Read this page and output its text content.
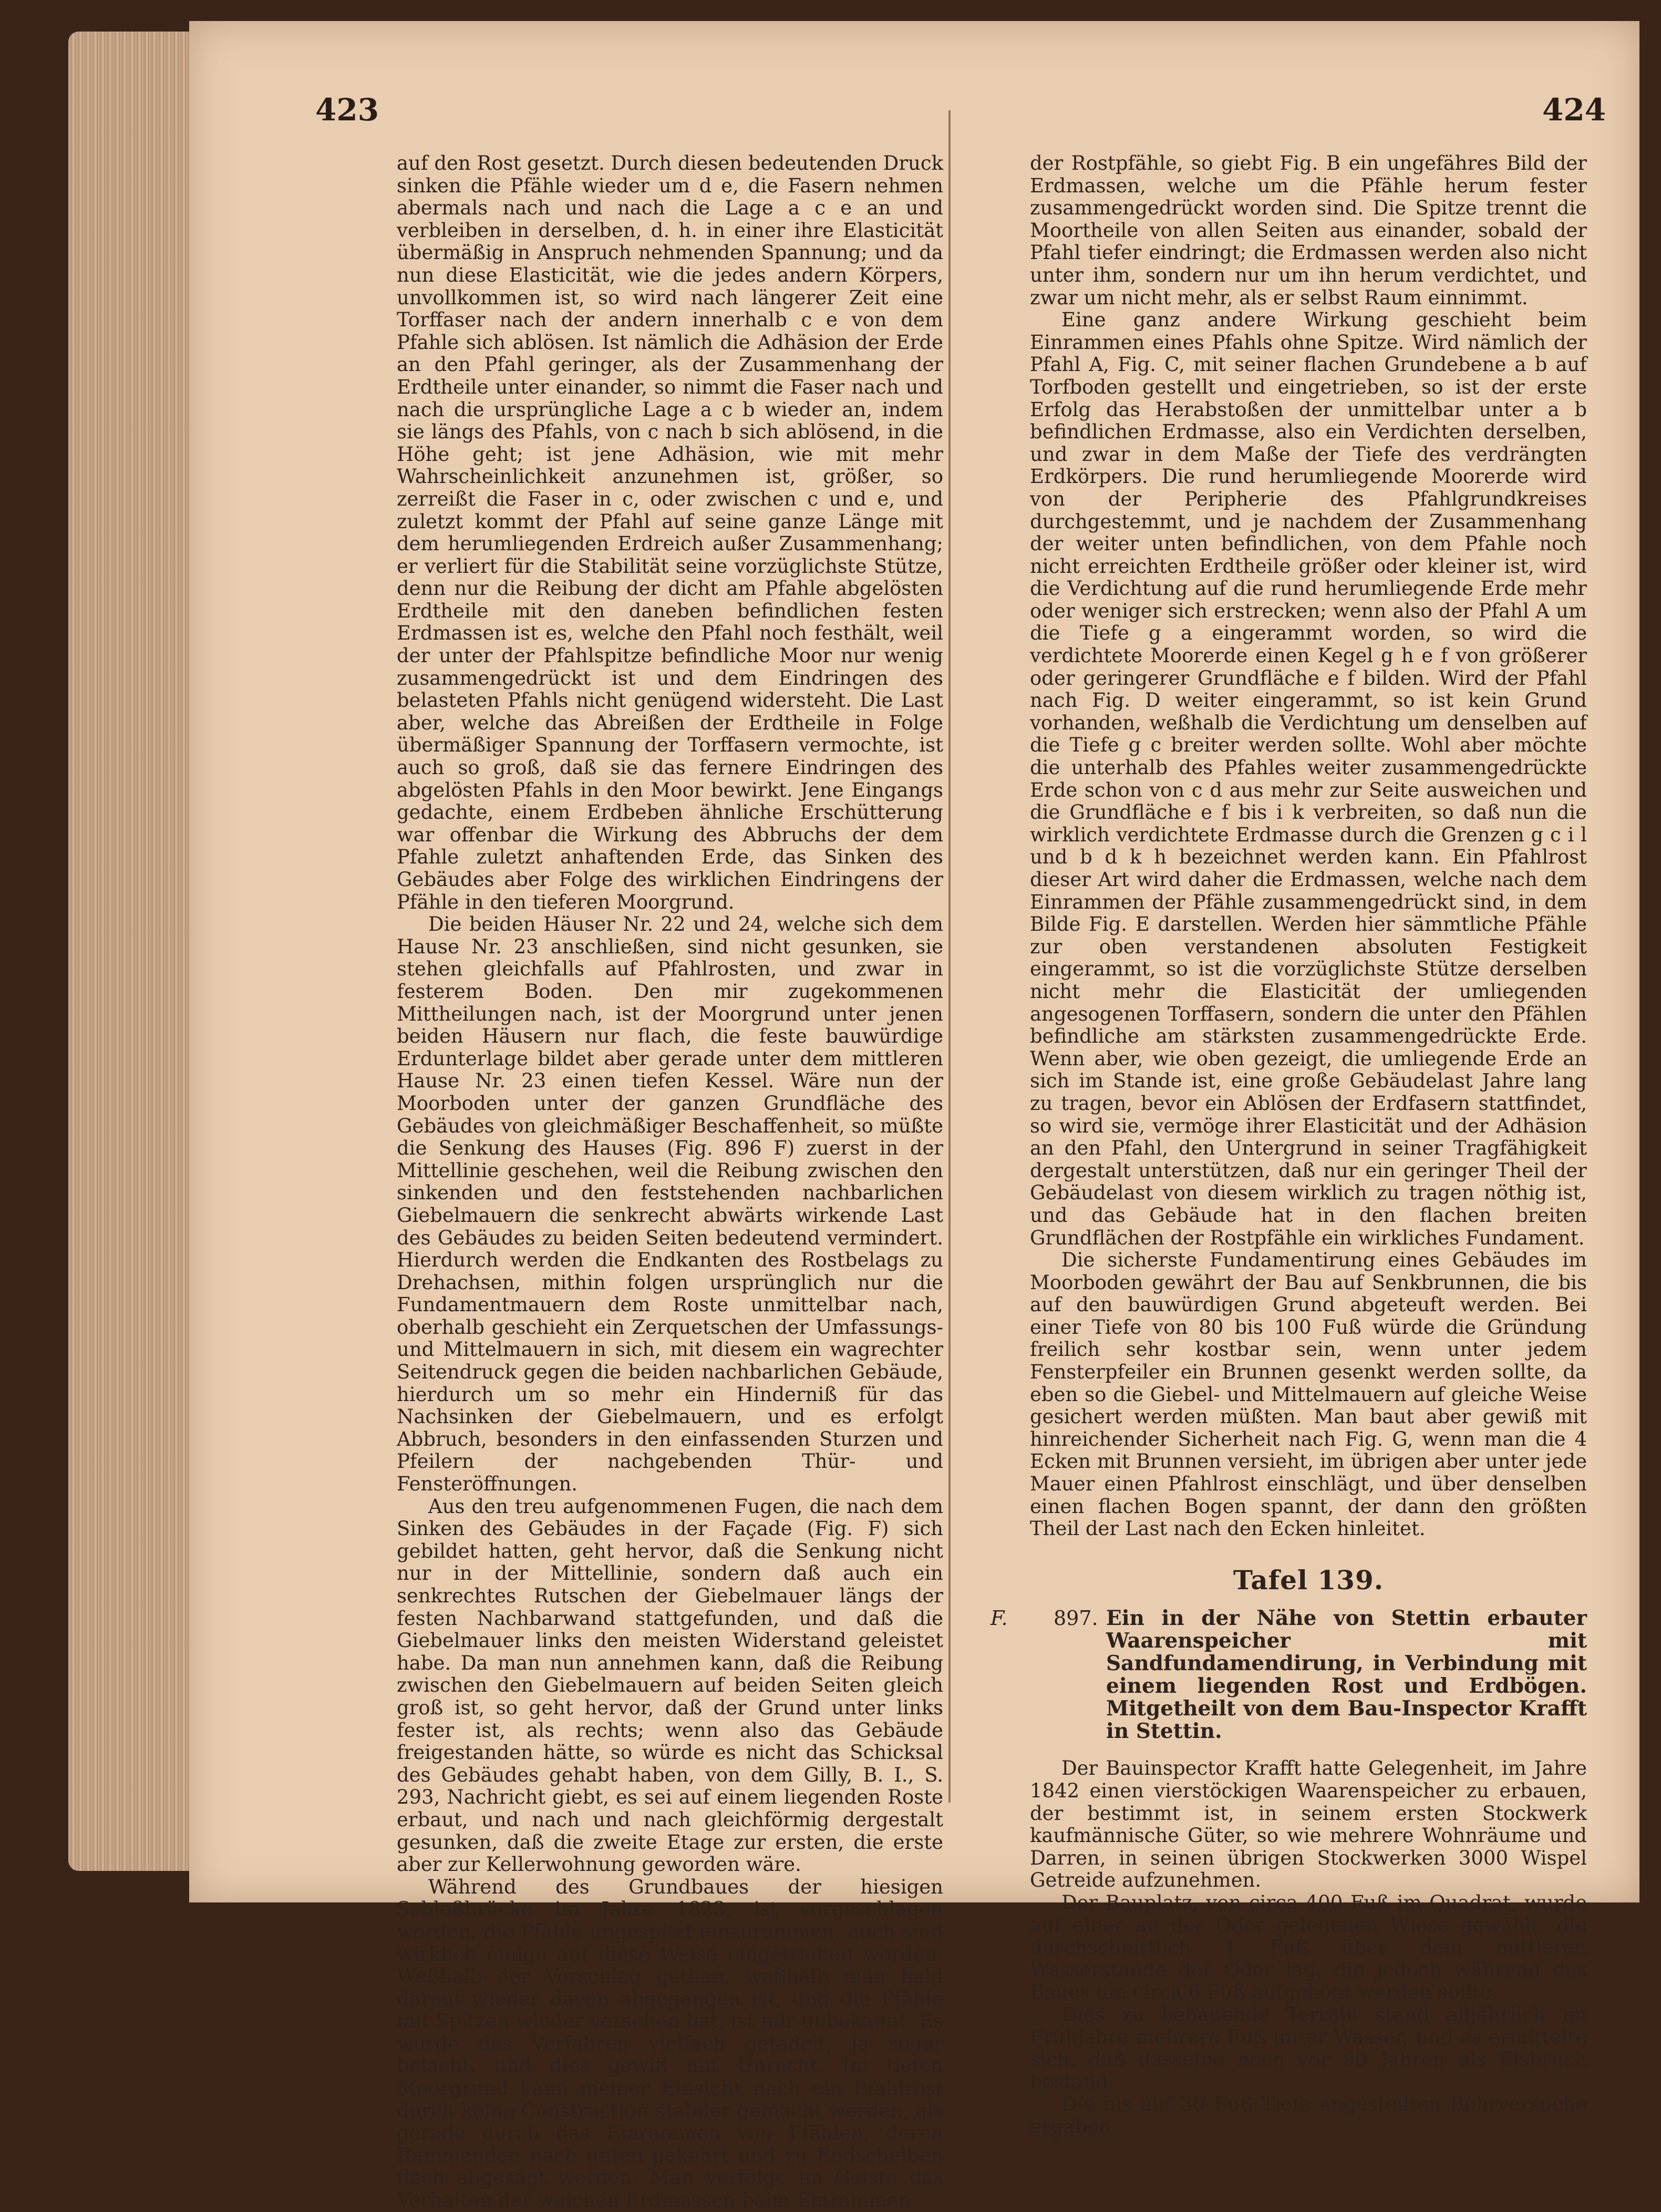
423	424

auf den Rost gesetzt. Durch diesen bedeutenden Druck sinken die Pfähle wieder um d e, die Fasern nehmen abermals nach und nach die Lage a c e an und verbleiben in derselben, d. h. in einer ihre Elasticität übermäßig in Anspruch nehmenden Spannung; und da nun diese Elasticität, wie die jedes andern Körpers, unvollkommen ist, so wird nach längerer Zeit eine Torffaser nach der andern innerhalb c e von dem Pfahle sich ablösen. Ist nämlich die Adhäsion der Erde an den Pfahl geringer, als der Zusammenhang der Erdtheile unter einander, so nimmt die Faser nach und nach die ursprüngliche Lage a c b wieder an, indem sie längs des Pfahls, von c nach b sich ablösend, in die Höhe geht; ist jene Adhäsion, wie mit mehr Wahrscheinlichkeit anzunehmen ist, größer, so zerreißt die Faser in c, oder zwischen c und e, und zuletzt kommt der Pfahl auf seine ganze Länge mit dem herumliegenden Erdreich außer Zusammenhang; er verliert für die Stabilität seine vorzüglichste Stütze, denn nur die Reibung der dicht am Pfahle abgelösten Erdtheile mit den daneben befindlichen festen Erdmassen ist es, welche den Pfahl noch festhält, weil der unter der Pfahlspitze befindliche Moor nur wenig zusammengedrückt ist und dem Eindringen des belasteten Pfahls nicht genügend widersteht. Die Last aber, welche das Abreißen der Erdtheile in Folge übermäßiger Spannung der Torffasern vermochte, ist auch so groß, daß sie das fernere Eindringen des abgelösten Pfahls in den Moor bewirkt. Jene Eingangs gedachte, einem Erdbeben ähnliche Erschütterung war offenbar die Wirkung des Abbruchs der dem Pfahle zuletzt anhaftenden Erde, das Sinken des Gebäudes aber Folge des wirklichen Eindringens der Pfähle in den tieferen Moorgrund.

Die beiden Häuser Nr. 22 und 24, welche sich dem Hause Nr. 23 anschließen, sind nicht gesunken, sie stehen gleichfalls auf Pfahlrosten, und zwar in festerem Boden. Den mir zugekommenen Mittheilungen nach, ist der Moorgrund unter jenen beiden Häusern nur flach, die feste bauwürdige Erdunterlage bildet aber gerade unter dem mittleren Hause Nr. 23 einen tiefen Kessel. Wäre nun der Moorboden unter der ganzen Grundfläche des Gebäudes von gleichmäßiger Beschaffenheit, so müßte die Senkung des Hauses (Fig. 896 F) zuerst in der Mittellinie geschehen, weil die Reibung zwischen den sinkenden und den feststehenden nachbarlichen Giebelmauern die senkrecht abwärts wirkende Last des Gebäudes zu beiden Seiten bedeutend vermindert. Hierdurch werden die Endkanten des Rostbelags zu Drehachsen, mithin folgen ursprünglich nur die Fundamentmauern dem Roste unmittelbar nach, oberhalb geschieht ein Zerquetschen der Umfassungs- und Mittelmauern in sich, mit diesem ein wagrechter Seitendruck gegen die beiden nachbarlichen Gebäude, hierdurch um so mehr ein Hinderniß für das Nachsinken der Giebelmauern, und es erfolgt Abbruch, besonders in den einfassenden Sturzen und Pfeilern der nachgebenden Thür- und Fensteröffnungen.

Aus den treu aufgenommenen Fugen, die nach dem Sinken des Gebäudes in der Façade (Fig. F) sich gebildet hatten, geht hervor, daß die Senkung nicht nur in der Mittellinie, sondern daß auch ein senkrechtes Rutschen der Giebelmauer längs der festen Nachbarwand stattgefunden, und daß die Giebelmauer links den meisten Widerstand geleistet habe. Da man nun annehmen kann, daß die Reibung zwischen den Giebelmauern auf beiden Seiten gleich groß ist, so geht hervor, daß der Grund unter links fester ist, als rechts; wenn also das Gebäude freigestanden hätte, so würde es nicht das Schicksal des Gebäudes gehabt haben, von dem Gilly, B. I., S. 293, Nachricht giebt, es sei auf einem liegenden Roste erbaut, und nach und nach gleichförmig dergestalt gesunken, daß die zweite Etage zur ersten, die erste aber zur Kellerwohnung geworden wäre.

Während des Grundbaues der hiesigen Schloßbrücke im Jahre 1823, ist vorgeschlagen worden, die Pfähle ungespitzt einzurammen; auch sind wirklich einige auf diese Weise eingetrieben worden. Weßhalb der Vorschlag gethan, weßhalb man bald darauf wieder davon abgegangen ist, und die Pfähle mit Spitzen wieder versehen hat, ist mir unbekannt. Es wurde das Verfahren vielfach getadelt, ja sogar belacht, und dies gewiß mit Unrecht. Im tiefen Moorgrund kann meiner Einsicht nach ein Pfahlrost durch keine Construction stabiler gemacht werden, als gerade durch das Einrammen von Pfählen, deren Rammenden nach unten gekehrt und zu Endscheiben flach abgesägt werden. Man verfolge im Geiste das Verhalten der weichen Erdmassen beim Einrammen

der Rostpfähle, so giebt Fig. B ein ungefähres Bild der Erdmassen, welche um die Pfähle herum fester zusammengedrückt worden sind. Die Spitze trennt die Moortheile von allen Seiten aus einander, sobald der Pfahl tiefer eindringt; die Erdmassen werden also nicht unter ihm, sondern nur um ihn herum verdichtet, und zwar um nicht mehr, als er selbst Raum einnimmt.

Eine ganz andere Wirkung geschieht beim Einrammen eines Pfahls ohne Spitze. Wird nämlich der Pfahl A, Fig. C, mit seiner flachen Grundebene a b auf Torfboden gestellt und eingetrieben, so ist der erste Erfolg das Herabstoßen der unmittelbar unter a b befindlichen Erdmasse, also ein Verdichten derselben, und zwar in dem Maße der Tiefe des verdrängten Erdkörpers. Die rund herumliegende Moorerde wird von der Peripherie des Pfahlgrundkreises durchgestemmt, und je nachdem der Zusammenhang der weiter unten befindlichen, von dem Pfahle noch nicht erreichten Erdtheile größer oder kleiner ist, wird die Verdichtung auf die rund herumliegende Erde mehr oder weniger sich erstrecken; wenn also der Pfahl A um die Tiefe g a eingerammt worden, so wird die verdichtete Moorerde einen Kegel g h e f von größerer oder geringerer Grundfläche e f bilden. Wird der Pfahl nach Fig. D weiter eingerammt, so ist kein Grund vorhanden, weßhalb die Verdichtung um denselben auf die Tiefe g c breiter werden sollte. Wohl aber möchte die unterhalb des Pfahles weiter zusammengedrückte Erde schon von c d aus mehr zur Seite ausweichen und die Grundfläche e f bis i k verbreiten, so daß nun die wirklich verdichtete Erdmasse durch die Grenzen g c i l und b d k h bezeichnet werden kann. Ein Pfahlrost dieser Art wird daher die Erdmassen, welche nach dem Einrammen der Pfähle zusammengedrückt sind, in dem Bilde Fig. E darstellen. Werden hier sämmtliche Pfähle zur oben verstandenen absoluten Festigkeit eingerammt, so ist die vorzüglichste Stütze derselben nicht mehr die Elasticität der umliegenden angesogenen Torffasern, sondern die unter den Pfählen befindliche am stärksten zusammengedrückte Erde. Wenn aber, wie oben gezeigt, die umliegende Erde an sich im Stande ist, eine große Gebäudelast Jahre lang zu tragen, bevor ein Ablösen der Erdfasern stattfindet, so wird sie, vermöge ihrer Elasticität und der Adhäsion an den Pfahl, den Untergrund in seiner Tragfähigkeit dergestalt unterstützen, daß nur ein geringer Theil der Gebäudelast von diesem wirklich zu tragen nöthig ist, und das Gebäude hat in den flachen breiten Grundflächen der Rostpfähle ein wirkliches Fundament.

Die sicherste Fundamentirung eines Gebäudes im Moorboden gewährt der Bau auf Senkbrunnen, die bis auf den bauwürdigen Grund abgeteuft werden. Bei einer Tiefe von 80 bis 100 Fuß würde die Gründung freilich sehr kostbar sein, wenn unter jedem Fensterpfeiler ein Brunnen gesenkt werden sollte, da eben so die Giebel- und Mittelmauern auf gleiche Weise gesichert werden müßten. Man baut aber gewiß mit hinreichender Sicherheit nach Fig. G, wenn man die 4 Ecken mit Brunnen versieht, im übrigen aber unter jede Mauer einen Pfahlrost einschlägt, und über denselben einen flachen Bogen spannt, der dann den größten Theil der Last nach den Ecken hinleitet.

Tafel 139.
F.	897. Ein in der Nähe von Stettin erbauter Waarenspeicher mit Sandfundamendirung, in Verbindung mit einem liegenden Rost und Erdbögen. Mitgetheilt von dem Bau-Inspector Krafft in Stettin.

Der Bauinspector Krafft hatte Gelegenheit, im Jahre 1842 einen vierstöckigen Waarenspeicher zu erbauen, der bestimmt ist, in seinem ersten Stockwerk kaufmännische Güter, so wie mehrere Wohnräume und Darren, in seinen übrigen Stockwerken 3000 Wispel Getreide aufzunehmen.

Der Bauplatz, von circa 400 Fuß im Quadrat, wurde auf einer an der Oder gelegenen Wiese gewählt, die durchschnittlich 1 Fuß über dem mittleren Wasserstande der Oder lag, die jedoch während des Baues um circa 6 Fuß aufgehöht werden sollte.

Dies zu bebauende Terrain stand alljährlich im Frühjahre mehrere Fuß unter Wasser, und es ermittelte sich, daß dasselbe noch vor 90 Jahren als Elsbruch bestand.

Die bis auf 30 Fuß Tiefe angestellten Bohrversuche ergaben
